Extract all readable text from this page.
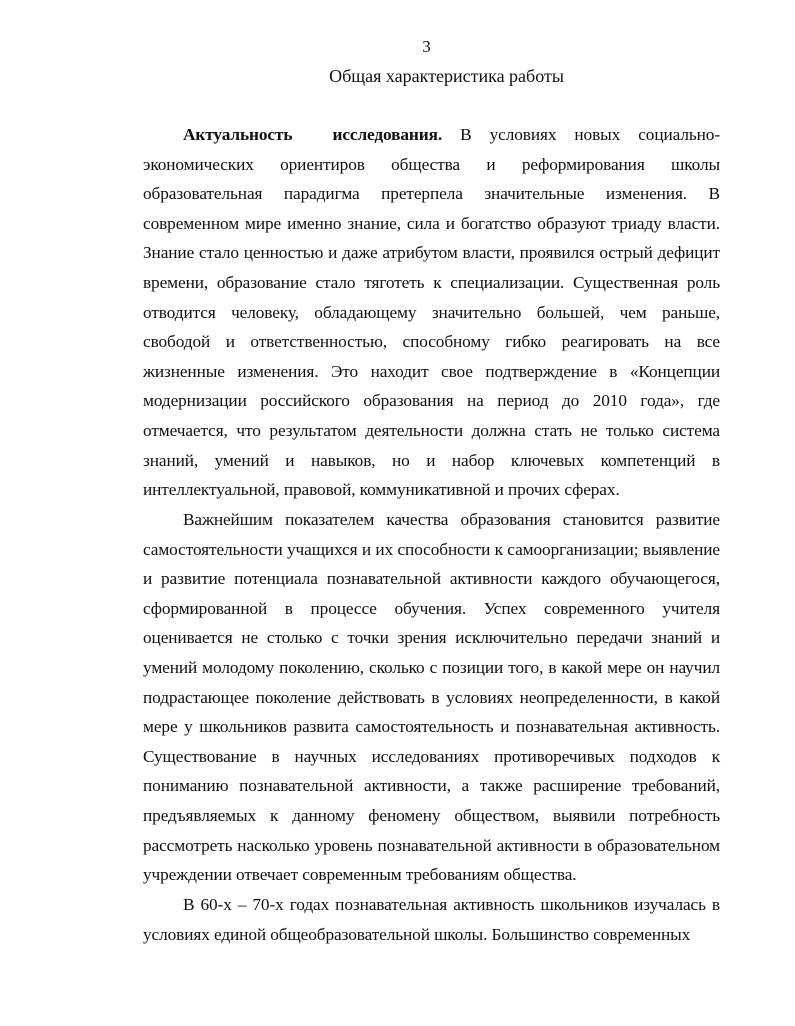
3
Общая характеристика работы

Актуальность исследования. В условиях новых социально-экономических ориентиров общества и реформирования школы образовательная парадигма претерпела значительные изменения. В современном мире именно знание, сила и богатство образуют триаду власти. Знание стало ценностью и даже атрибутом власти, проявился острый дефицит времени, образование стало тяготеть к специализации. Существенная роль отводится человеку, обладающему значительно большей, чем раньше, свободой и ответственностью, способному гибко реагировать на все жизненные изменения. Это находит свое подтверждение в «Концепции модернизации российского образования на период до 2010 года», где отмечается, что результатом деятельности должна стать не только система знаний, умений и навыков, но и набор ключевых компетенций в интеллектуальной, правовой, коммуникативной и прочих сферах.

Важнейшим показателем качества образования становится развитие самостоятельности учащихся и их способности к самоорганизации; выявление и развитие потенциала познавательной активности каждого обучающегося, сформированной в процессе обучения. Успех современного учителя оценивается не столько с точки зрения исключительно передачи знаний и умений молодому поколению, сколько с позиции того, в какой мере он научил подрастающее поколение действовать в условиях неопределенности, в какой мере у школьников развита самостоятельность и познавательная активность. Существование в научных исследованиях противоречивых подходов к пониманию познавательной активности, а также расширение требований, предъявляемых к данному феномену обществом, выявили потребность рассмотреть насколько уровень познавательной активности в образовательном учреждении отвечает современным требованиям общества.

В 60-х – 70-х годах познавательная активность школьников изучалась в условиях единой общеобразовательной школы. Большинство современных
